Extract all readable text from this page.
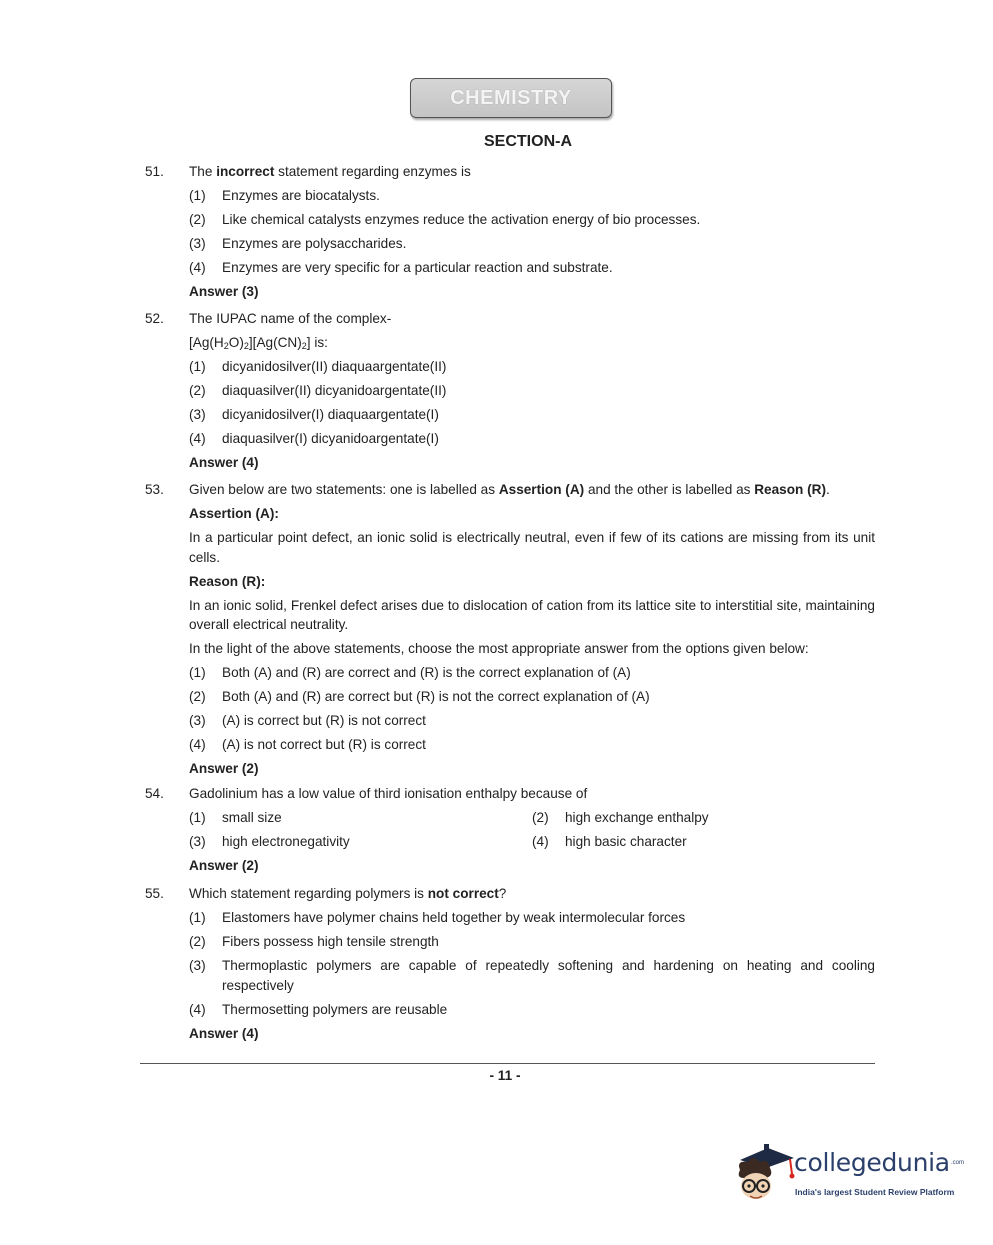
CHEMISTRY
SECTION-A
51.	The incorrect statement regarding enzymes is

(1) Enzymes are biocatalysts.
(2) Like chemical catalysts enzymes reduce the activation energy of bio processes.
(3) Enzymes are polysaccharides.
(4) Enzymes are very specific for a particular reaction and substrate.

Answer (3)

52.	The IUPAC name of the complex-

$[Ag(H_2O)_2][Ag(CN)_2]$ is:

(1) dicyanidosilver(II) diaquaargentate(II)
(2) diaquasilver(II) dicyanidoargentate(II)
(3) dicyanidosilver(I) diaquaargentate(I)
(4) diaquasilver(I) dicyanidoargentate(I)

Answer (4)

53.	Given below are two statements: one is labelled as Assertion (A) and the other is labelled as Reason (R).

Assertion (A):

In a particular point defect, an ionic solid is electrically neutral, even if few of its cations are missing from its unit cells.

Reason (R):

In an ionic solid, Frenkel defect arises due to dislocation of cation from its lattice site to interstitial site, maintaining overall electrical neutrality.

In the light of the above statements, choose the most appropriate answer from the options given below:

(1) Both (A) and (R) are correct and (R) is the correct explanation of (A)
(2) Both (A) and (R) are correct but (R) is not the correct explanation of (A)
(3) (A) is correct but (R) is not correct
(4) (A) is not correct but (R) is correct

Answer (2)

54.	Gadolinium has a low value of third ionisation enthalpy because of

(1) small size	(2) high exchange enthalpy
(3) high electronegativity	(4) high basic character

Answer (2)

55.	Which statement regarding polymers is not correct?

(1) Elastomers have polymer chains held together by weak intermolecular forces
(2) Fibers possess high tensile strength
(3) Thermoplastic polymers are capable of repeatedly softening and hardening on heating and cooling respectively
(4) Thermosetting polymers are reusable

Answer (4)

- 11 -
collegedunia .com
India's largest Student Review Platform
